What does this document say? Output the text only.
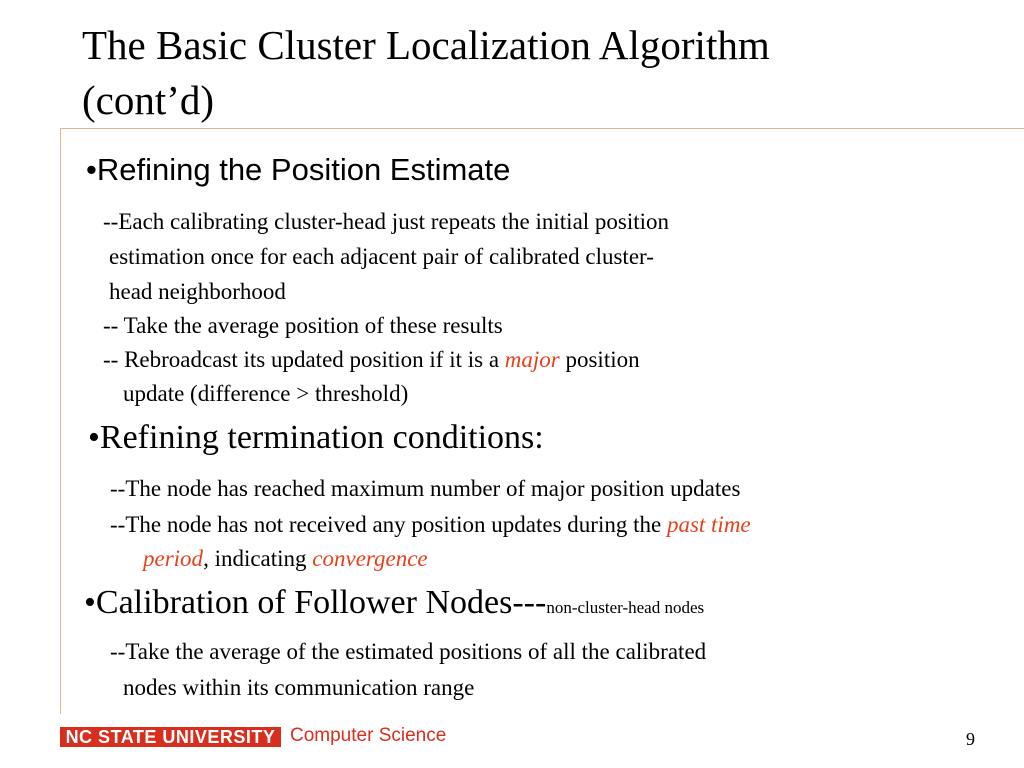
The Basic Cluster Localization Algorithm
(cont’d)
•Refining the Position Estimate
--Each calibrating cluster-head just repeats the initial position
estimation once for each adjacent pair of calibrated cluster-
head neighborhood
-- Take the average position of these results
-- Rebroadcast its updated position if it is a major position
update (difference > threshold)
•Refining termination conditions:
--The node has reached maximum number of major position updates
--The node has not received any position updates during the past time
period, indicating convergence
•Calibration of Follower Nodes---non-cluster-head nodes
--Take the average of the estimated positions of all the calibrated
nodes within its communication range
NC STATE UNIVERSITY Computer Science	9
